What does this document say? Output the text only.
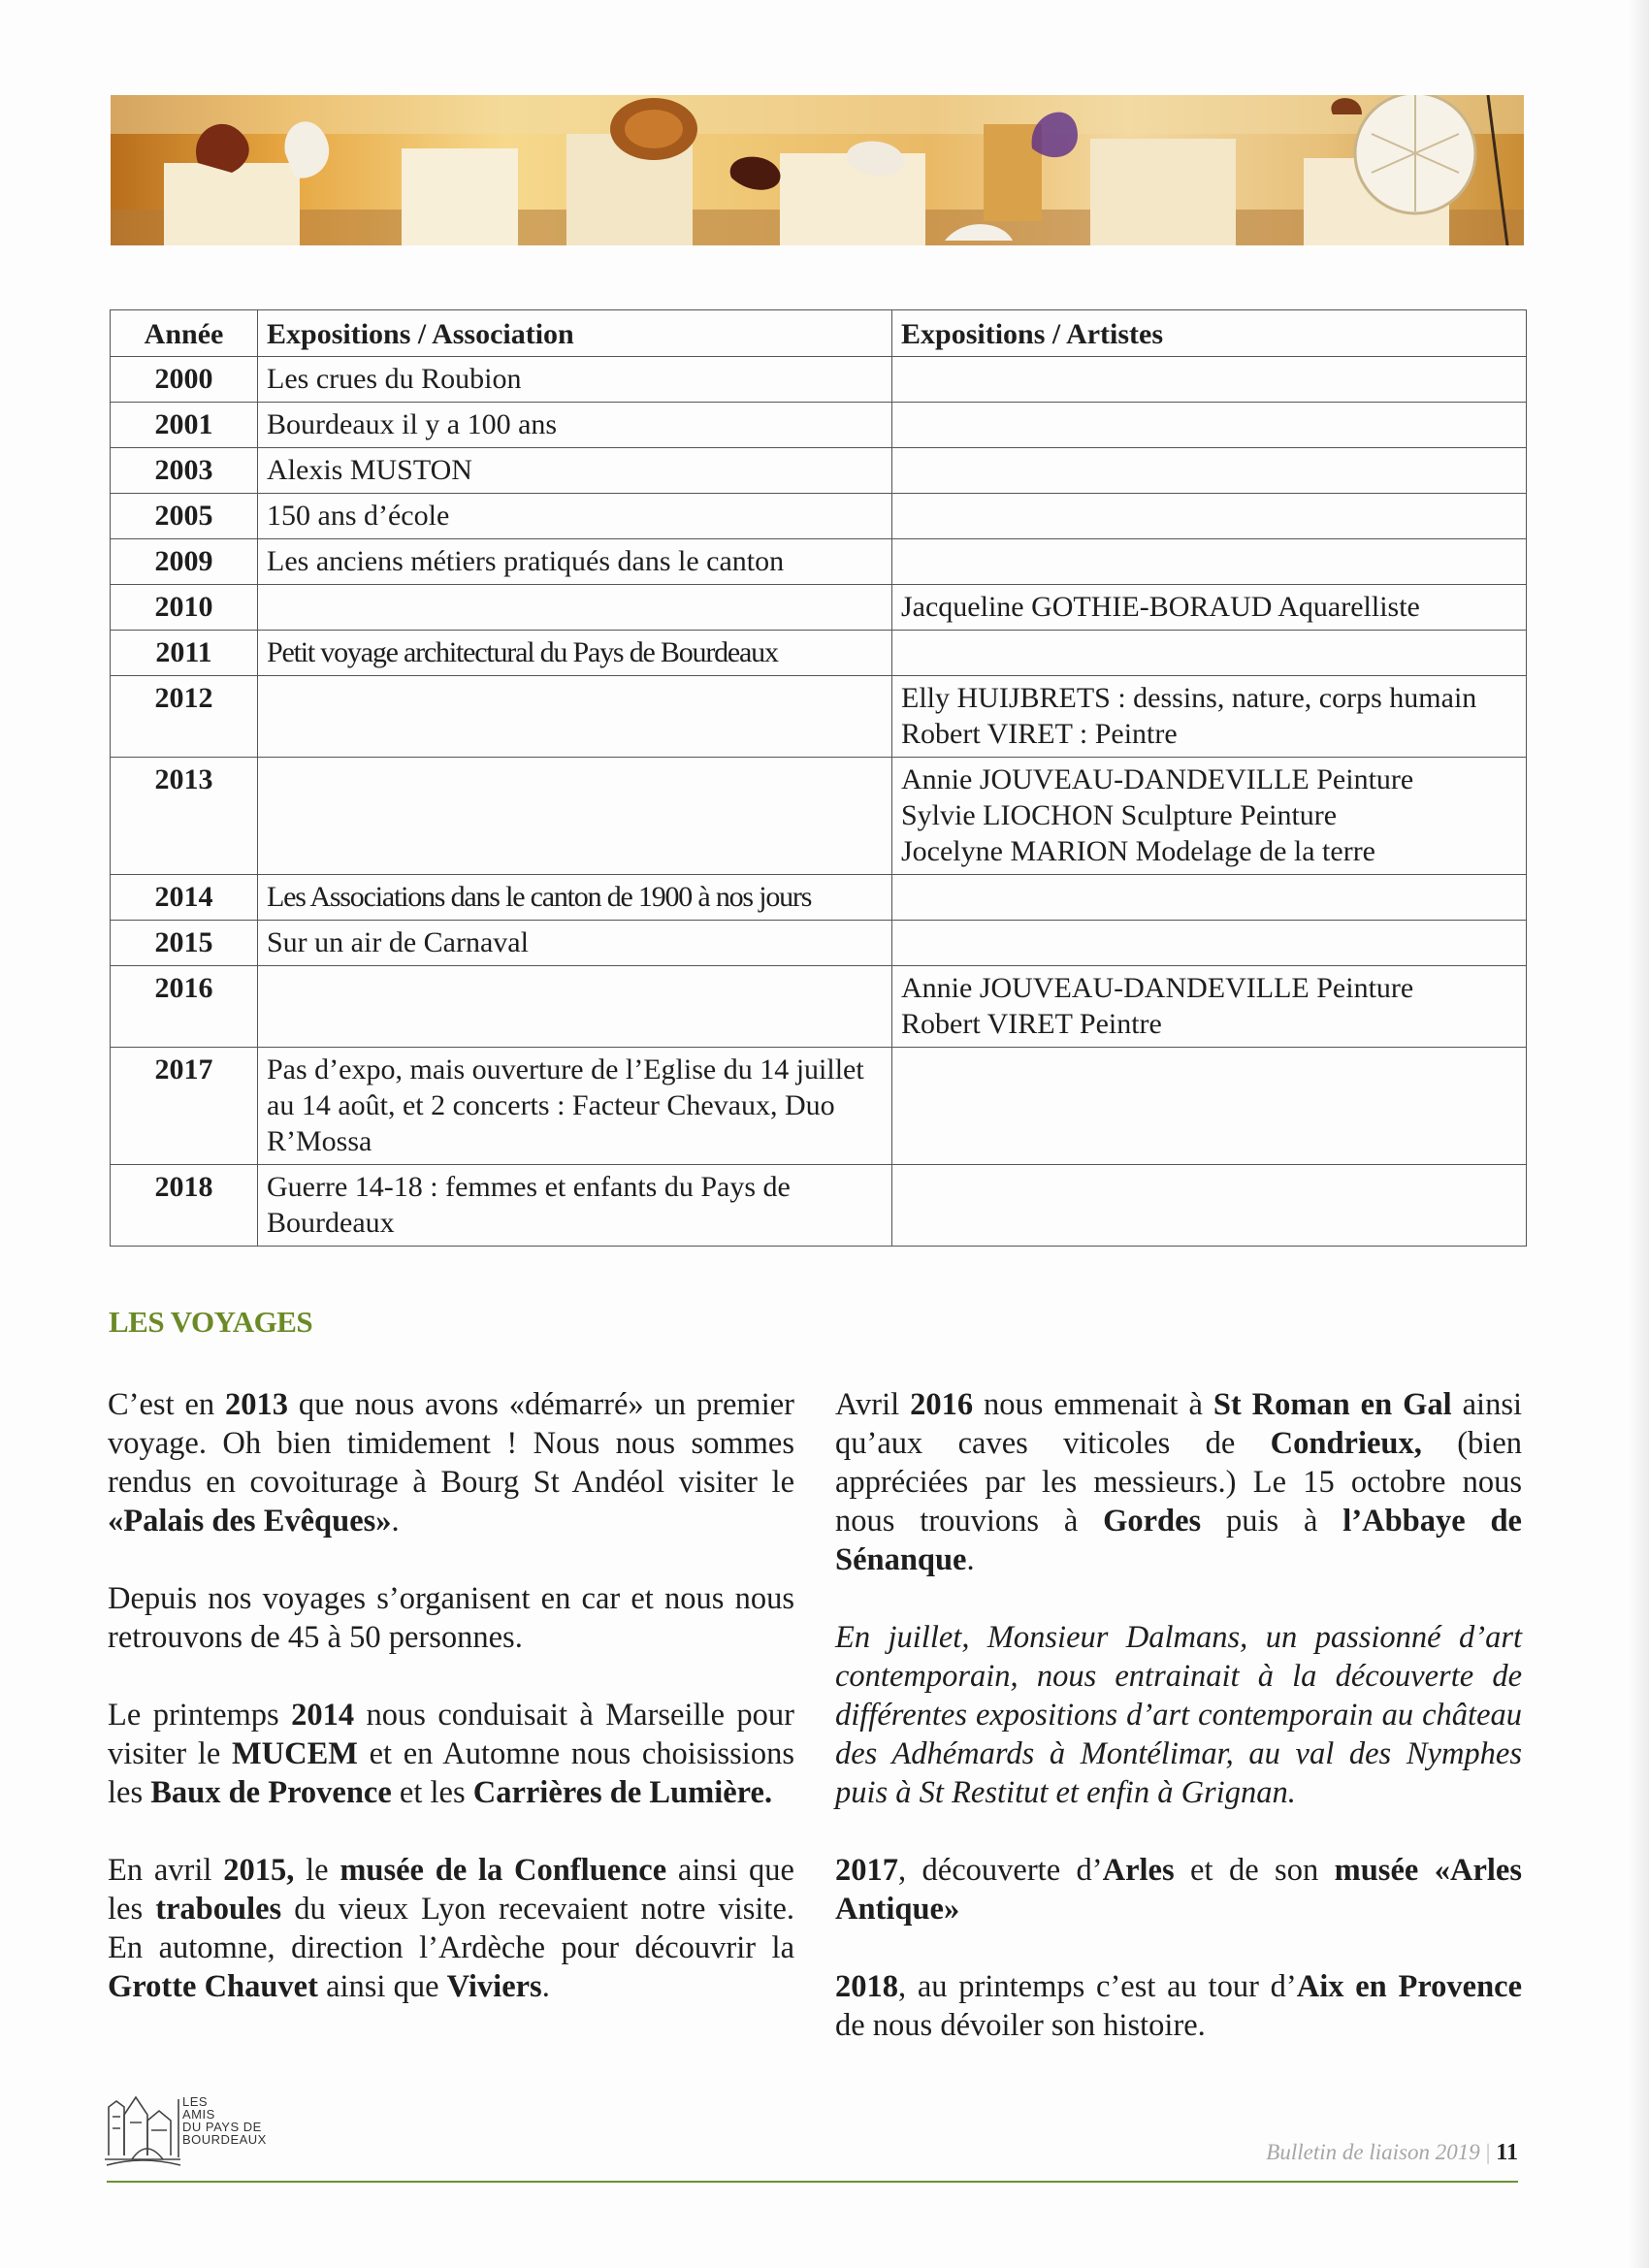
Année	Expositions / Association	Expositions / Artistes
2000	Les crues du Roubion	
2001	Bourdeaux il y a 100 ans	
2003	Alexis MUSTON	
2005	150 ans d’école	
2009	Les anciens métiers pratiqués dans le canton	
2010		Jacqueline GOTHIE-BORAUD Aquarelliste

2011	Petit voyage architectural du Pays de Bourdeaux	
2012		Elly HUIJBRETS : dessins, nature, corps humain
Robert VIRET : Peintre

2013		Annie JOUVEAU-DANDEVILLE Peinture
Sylvie LIOCHON Sculpture Peinture
Jocelyne MARION Modelage de la terre

2014	Les Associations dans le canton de 1900 à nos jours	
2015	Sur un air de Carnaval	
2016		Annie JOUVEAU-DANDEVILLE Peinture
Robert VIRET Peintre

2017	Pas d’expo, mais ouverture de l’Eglise du 14 juillet au 14 août, et 2 concerts : Facteur Chevaux, Duo R’Mossa	
2018	Guerre 14-18 : femmes et enfants du Pays de Bourdeaux	
LES VOYAGES

C’est en 2013 que nous avons «démarré» un premier voyage. Oh bien timidement ! Nous nous sommes rendus en covoiturage à Bourg St Andéol visiter le «Palais des Evêques».

Depuis nos voyages s’organisent en car et nous nous retrouvons de 45 à 50 personnes.

Le printemps 2014 nous conduisait à Marseille pour visiter le MUCEM et en Automne nous choisissions les Baux de Provence et les Carrières de Lumière.

En avril 2015, le musée de la Confluence ainsi que les traboules du vieux Lyon recevaient notre visite. En automne, direction l’Ardèche pour découvrir la Grotte Chauvet ainsi que Viviers.

Avril 2016 nous emmenait à St Roman en Gal ainsi qu’aux caves viticoles de Condrieux, (bien appréciées par les messieurs.) Le 15 octobre nous nous trouvions à Gordes puis à l’Abbaye de Sénanque.

En juillet, Monsieur Dalmans, un passionné d’art contemporain, nous entrainait à la découverte de différentes expositions d’art contemporain au château des Adhémards à Montélimar, au val des Nymphes puis à St Restitut et enfin à Grignan.

2017, découverte d’Arles et de son musée «Arles Antique»

2018, au printemps c’est au tour d’Aix en Provence de nous dévoiler son histoire.

LES
AMIS
DU PAYS DE
BOURDEAUX
Bulletin de liaison 2019 | 11
